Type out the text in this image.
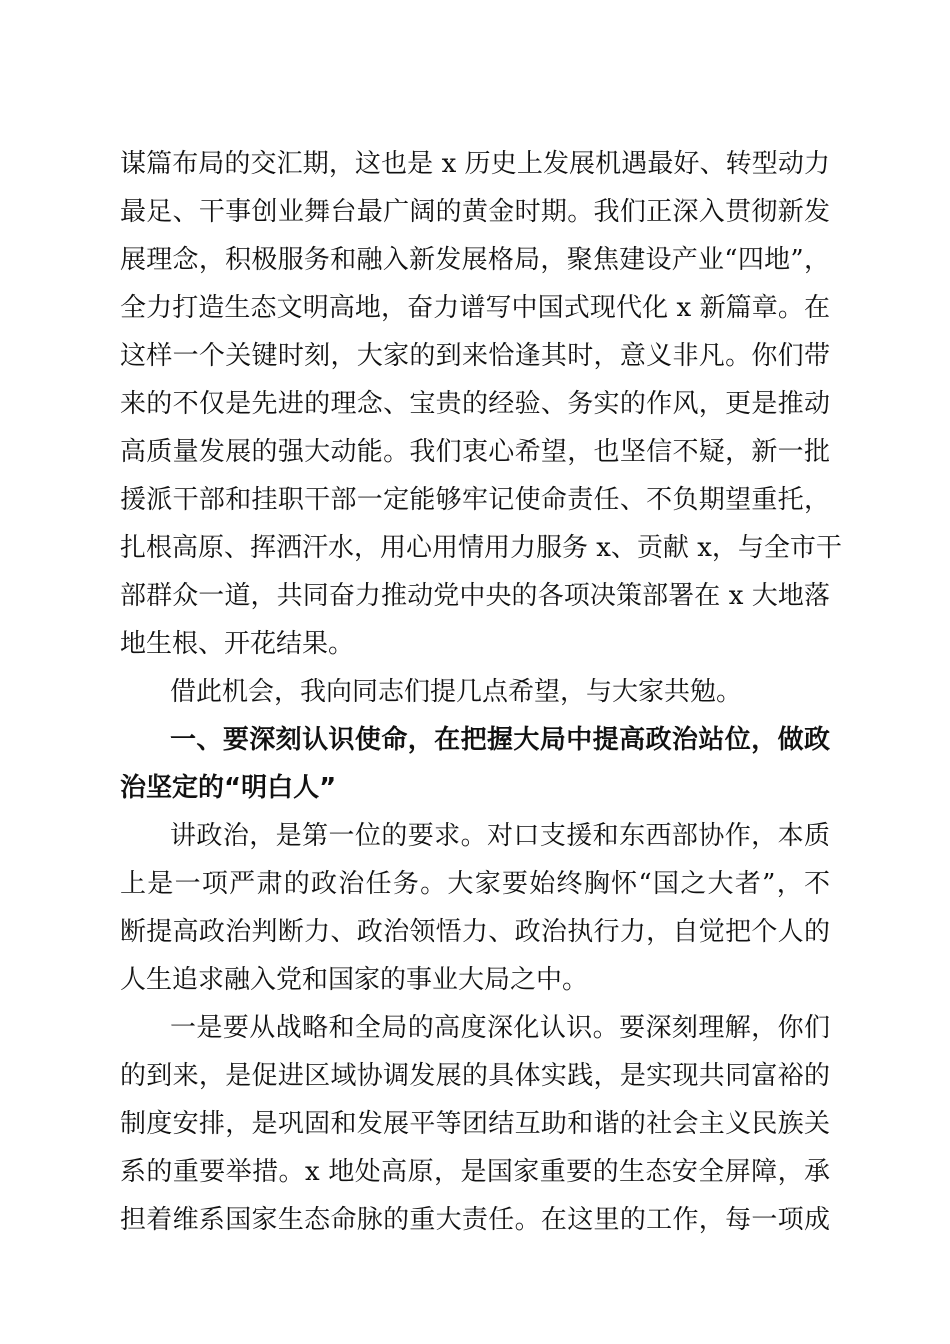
谋篇布局的交汇期，这也是 x 历史上发展机遇最好、转型动力
最足、干事创业舞台最广阔的黄金时期。我们正深入贯彻新发
展理念，积极服务和融入新发展格局，聚焦建设产业“四地”，
全力打造生态文明高地，奋力谱写中国式现代化 x 新篇章。在
这样一个关键时刻，大家的到来恰逢其时，意义非凡。你们带
来的不仅是先进的理念、宝贵的经验、务实的作风，更是推动
高质量发展的强大动能。我们衷心希望，也坚信不疑，新一批
援派干部和挂职干部一定能够牢记使命责任、不负期望重托，
扎根高原、挥洒汗水，用心用情用力服务 x、贡献 x，与全市干
部群众一道，共同奋力推动党中央的各项决策部署在 x 大地落
地生根、开花结果。
借此机会，我向同志们提几点希望，与大家共勉。
一、要深刻认识使命，在把握大局中提高政治站位，做政
治坚定的“明白人”
讲政治，是第一位的要求。对口支援和东西部协作，本质
上是一项严肃的政治任务。大家要始终胸怀“国之大者”，不
断提高政治判断力、政治领悟力、政治执行力，自觉把个人的
人生追求融入党和国家的事业大局之中。
一是要从战略和全局的高度深化认识。要深刻理解，你们
的到来，是促进区域协调发展的具体实践，是实现共同富裕的
制度安排，是巩固和发展平等团结互助和谐的社会主义民族关
系的重要举措。x 地处高原，是国家重要的生态安全屏障，承
担着维系国家生态命脉的重大责任。在这里的工作，每一项成
